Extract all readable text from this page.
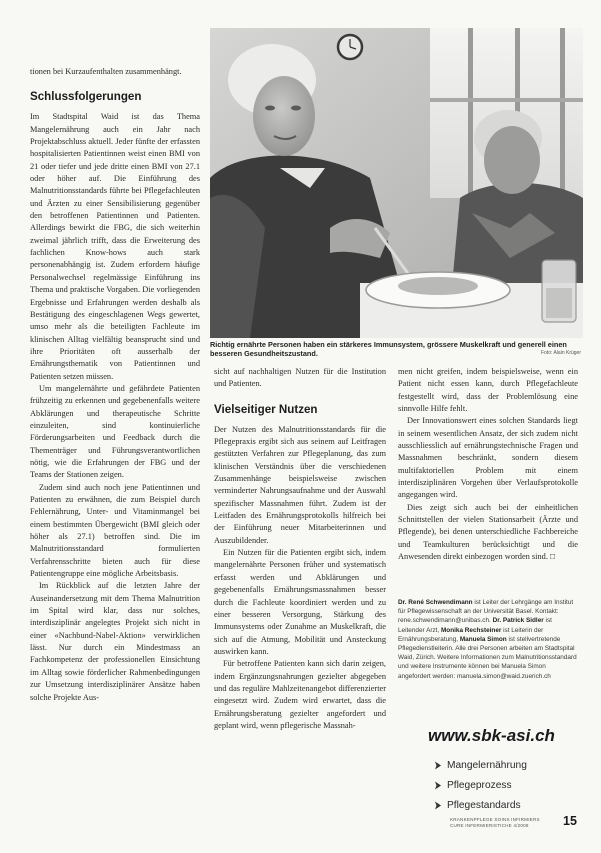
tionen bei Kurzaufenthalten zusammenhängt.

Schlussfolgerungen

Im Stadtspital Waid ist das Thema Mangelernährung auch ein Jahr nach Projektabschluss aktuell. Jeder fünfte der erfassten hospitalisierten Patientinnen weist einen BMI von 21 oder tiefer und jede dritte einen BMI von 27.1 oder höher auf. Die Einführung des Malnutritionsstandards führte bei Pflegefachleuten und Ärzten zu einer Sensibilisierung gegenüber den betroffenen Patientinnen und Patienten. Allerdings bewirkt die FBG, die sich weiterhin zweimal jährlich trifft, dass die Erweiterung des fachlichen Know-hows auch stark personenabhängig ist. Zudem erfordern häufige Personalwechsel regelmässige Einführung ins Thema und praktische Vorgaben. Die vorliegenden Ergebnisse und Erfahrungen werden deshalb als Bestätigung des eingeschlagenen Wegs gewertet, umso mehr als die beteiligten Fachleute im klinischen Alltag vielfältig beansprucht sind und ihre Prioritäten oft ausserhalb der Ernährungsthematik von Patientinnen und Patienten setzen müssen.

Um mangelernährte und gefährdete Patienten frühzeitig zu erkennen und gegebenenfalls weitere Abklärungen und therapeutische Schritte einzuleiten, sind kontinuierliche Förderungsarbeiten und Feedback durch die Thementräger und Führungsverantwortlichen nötig, wie die Erfahrungen der FBG und der Teams der Stationen zeigen.

Zudem sind auch noch jene Patientinnen und Patienten zu erwähnen, die zum Beispiel durch Fehlernährung, Unter- und Vitaminmangel bei einem bestimmten Übergewicht (BMI gleich oder höher als 27.1) betroffen sind. Die im Malnutritionsstandard formulierten Verfahrensschritte bieten auch für diese Patientengruppe eine mögliche Arbeitsbasis.

Im Rückblick auf die letzten Jahre der Auseinandersetzung mit dem Thema Malnutrition im Spital wird klar, dass nur solches, interdisziplinär angelegtes Projekt sich nicht in einer «Nachbund-Nabel-Aktion» verwirklichen lässt. Nur durch ein Mindestmass an Fachkompetenz der professionellen Einsichtung im Alltag sowie förderlicher Rahmenbedingungen zur Umsetzung interdisziplinärer Ansätze haben solche Projekte Aus-

Richtig ernährte Personen haben ein stärkeres Immunsystem, grössere Muskelkraft und generell einen besseren Gesundheitszustand.	Foto: Alain Krüger

sicht auf nachhaltigen Nutzen für die Institution und Patienten.

Vielseitiger Nutzen

Der Nutzen des Malnutritionsstandards für die Pflegepraxis ergibt sich aus seinem auf Leitfragen gestützten Verfahren zur Pflegeplanung, das zum klinischen Verständnis über die verschiedenen Zusammenhänge beispielsweise zwischen verminderter Nahrungsaufnahme und der Auswahl spezifischer Massnahmen führt. Zudem ist der Leitfaden des Ernährungsprotokolls hilfreich bei der Einführung neuer Mitarbeiterinnen und Auszubildender.

Ein Nutzen für die Patienten ergibt sich, indem mangelernährte Personen früher und systematisch erfasst werden und Abklärungen und gegebenenfalls Ernährungsmassnahmen besser durch die Fachleute koordiniert werden und zu einer besseren Versorgung, Stärkung des Immunsystems oder Zunahme an Muskelkraft, die sich auf die Atmung, Mobilität und Ansteckung auswirken kann.

Für betroffene Patienten kann sich darin zeigen, indem Ergänzungsnahrungen gezielter abgegeben und das reguläre Mahlzeitenangebot differenzierter eingesetzt wird. Zudem wird erwartet, dass die Ernährungsberatung gezielter angefordert und geplant wird, wenn pflegerische Massnah-

men nicht greifen, indem beispielsweise, wenn ein Patient nicht essen kann, durch Pflegefachleute festgestellt wird, dass der Problemlösung eine sinnvolle Hilfe fehlt.

Der Innovationswert eines solchen Standards liegt in seinem wesentlichen Ansatz, der sich zudem nicht ausschliesslich auf ernährungstechnische Fragen und Massnahmen beschränkt, sondern diesem multifaktoriellen Problem mit einem interdisziplinären Vorgehen über Verlaufsprotokolle angegangen wird.

Dies zeigt sich auch bei der einheitlichen Schnittstellen der vielen Stationsarbeit (Ärzte und Pflegende), bei denen unterschiedliche Fachbereiche und Teamkulturen berücksichtigt und die Anwesenden direkt einbezogen worden sind. □

Dr. René Schwendimann ist Leiter der Lehrgänge am Institut für Pflegewissenschaft an der Universität Basel. Kontakt: rene.schwendimann@unibas.ch. Dr. Patrick Sidler ist Leitender Arzt, Monika Rechsteiner ist Leiterin der Ernährungsberatung, Manuela Simon ist stellvertretende Pflegedienstleiterin. Alle drei Personen arbeiten am Stadtspital Waid, Zürich. Weitere Informationen zum Malnutritionsstandard und weitere Instrumente können bei Manuela Simon angefordert werden: manuela.simon@waid.zuerich.ch
www.sbk-asi.ch
Mangelernährung
Pflegeprozess
Pflegestandards
KRANKENPFLEGE SOINS INFIRMIERS
CURE INFERMIERISTICHE 4/2008	15
